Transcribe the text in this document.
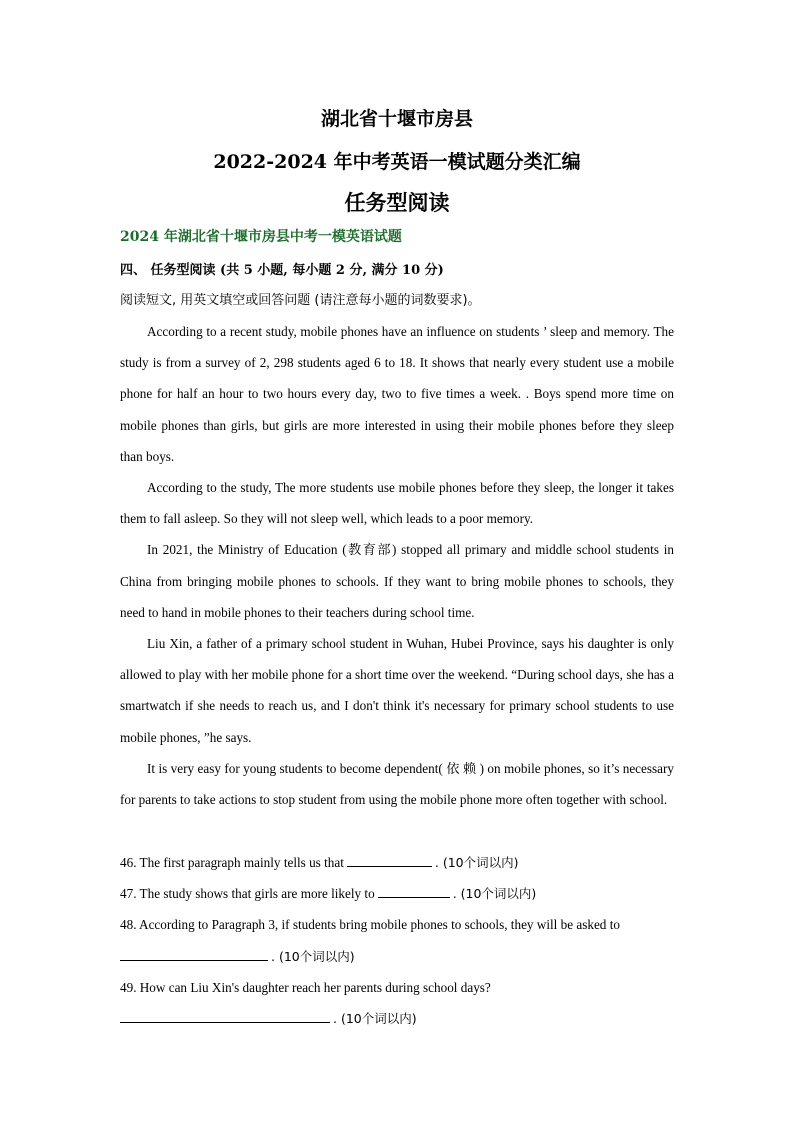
湖北省十堰市房县
2022-2024 年中考英语一模试题分类汇编
任务型阅读
2024 年湖北省十堰市房县中考一模英语试题
四、 任务型阅读 (共 5 小题, 每小题 2 分, 满分 10 分)
阅读短文, 用英文填空或回答问题 (请注意每小题的词数要求)。

According to a recent study, mobile phones have an influence on students ’ sleep and memory. The study is from a survey of 2, 298 students aged 6 to 18. It shows that nearly every student use a mobile phone for half an hour to two hours every day, two to five times a week. . Boys spend more time on mobile phones than girls, but girls are more interested in using their mobile phones before they sleep than boys.

According to the study, The more students use mobile phones before they sleep, the longer it takes them to fall asleep. So they will not sleep well, which leads to a poor memory.

In 2021, the Ministry of Education (教育部) stopped all primary and middle school students in China from bringing mobile phones to schools. If they want to bring mobile phones to schools, they need to hand in mobile phones to their teachers during school time.

Liu Xin, a father of a primary school student in Wuhan, Hubei Province, says his daughter is only allowed to play with her mobile phone for a short time over the weekend. “During school days, she has a smartwatch if she needs to reach us, and I don't think it's necessary for primary school students to use mobile phones, ”he says.

It is very easy for young students to become dependent( 依 赖 ) on mobile phones, so it’s necessary for parents to take actions to stop student from using the mobile phone more often together with school.

46. The first paragraph mainly tells us that	. (10个词以内)

47. The study shows that girls are more likely to	. (10个词以内)

48. According to Paragraph 3, if students bring mobile phones to schools, they will be asked to

. (10个词以内)

49. How can Liu Xin's daughter reach her parents during school days?

. (10个词以内)
